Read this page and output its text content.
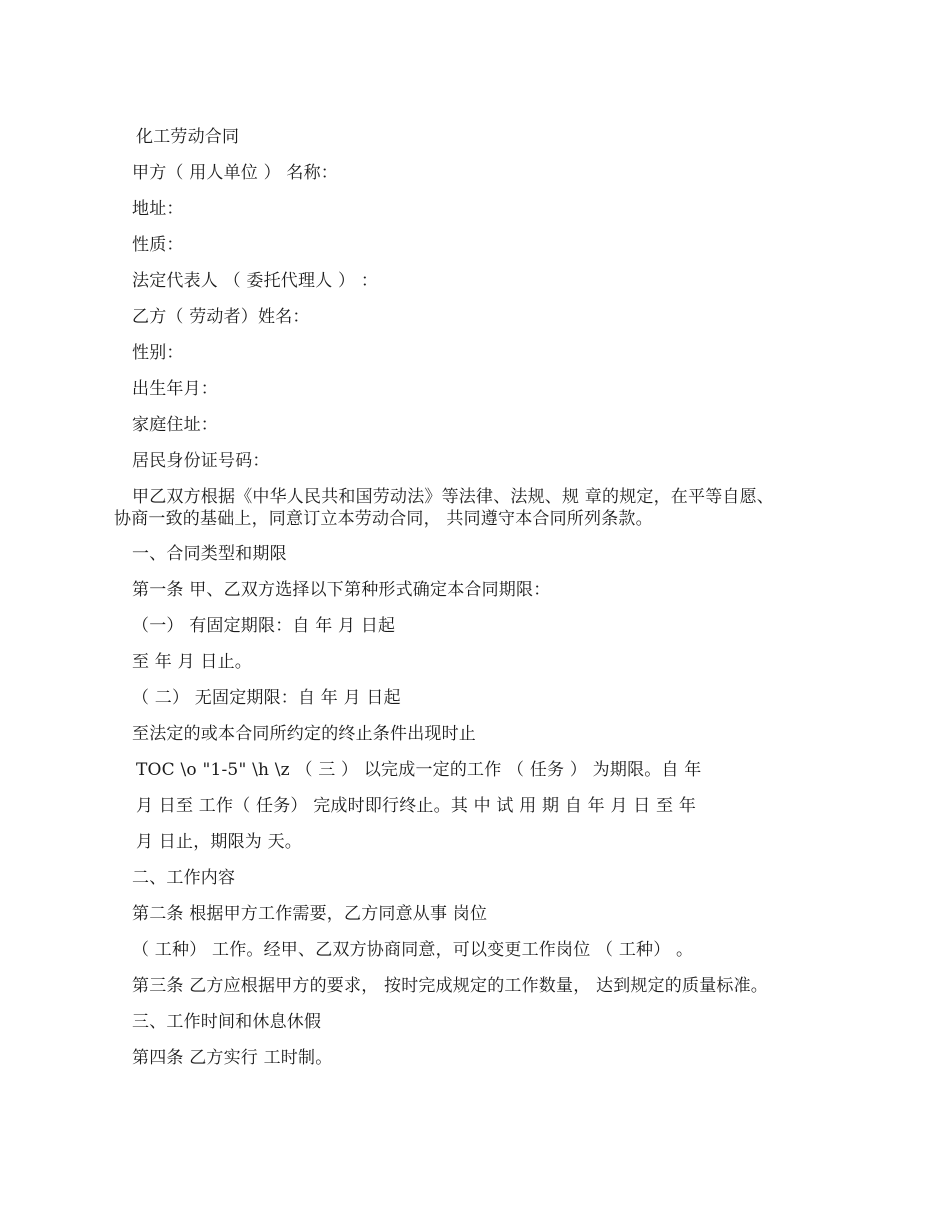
化工劳动合同
甲方（ 用人单位 ） 名称：
地址：
性质：
法定代表人 （ 委托代理人 ） ：
乙方（ 劳动者）姓名：
性别：
出生年月：
家庭住址：
居民身份证号码：
甲乙双方根据《中华人民共和国劳动法》等法律、法规、规 章的规定，在平等自愿、
协商一致的基础上，同意订立本劳动合同， 共同遵守本合同所列条款。
一、合同类型和期限
第一条 甲、乙双方选择以下第种形式确定本合同期限：
（一） 有固定期限：自 年 月 日起
至 年 月 日止。
（ 二） 无固定期限：自 年 月 日起
至法定的或本合同所约定的终止条件出现时止
TOC \o "1-5" \h \z （ 三 ） 以完成一定的工作 （ 任务 ） 为期限。自 年
月 日至 工作（ 任务） 完成时即行终止。其 中 试 用 期 自 年 月 日 至 年
月 日止，期限为 天。
二、工作内容
第二条 根据甲方工作需要，乙方同意从事 岗位
（ 工种） 工作。经甲、乙双方协商同意，可以变更工作岗位 （ 工种） 。
第三条 乙方应根据甲方的要求， 按时完成规定的工作数量， 达到规定的质量标准。
三、工作时间和休息休假
第四条 乙方实行 工时制。
